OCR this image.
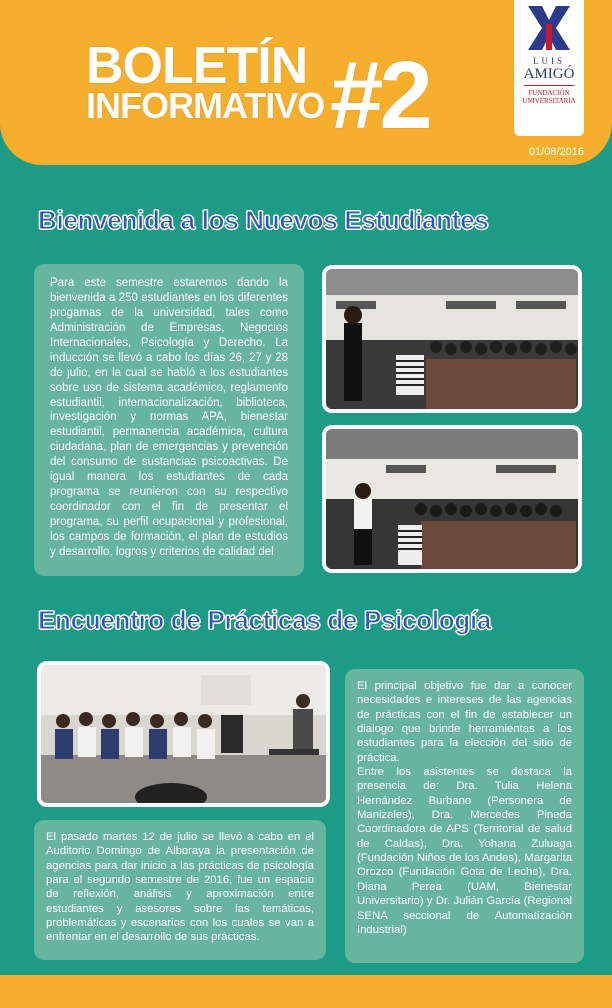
BOLETÍN
INFORMATIVO #2	LUIS
AMIGÓ
FUNDACIÓN
UNIVERSITARIA
01/08/2016
Bienvenida a los Nuevos Estudiantes

Para este semestre estaremos dando la bienvenida a 250 estudiantes en los diferentes progamas de la universidad, tales como Administración de Empresas, Negocios Internacionales, Psicología y Derecho. La inducción se llevó a cabo los días 26, 27 y 28 de julio, en la cual se habló a los estudiantes sobre uso de sistema académico, reglamento estudiantil, internacionalización, biblioteca, investigación y normas APA, bienestar estudiantil, permanencia académica, cultura ciudadana, plan de emergencias y prevención del consumo de sustancias psicoactivas. De igual manera los estudiantes de cada programa se reunieron con su respectivo coordinador con el fin de presentar el programa, su perfil ocupacional y profesional, los campos de formación, el plan de estudios y desarrollo, logros y criterios de calidad del

Encuentro de Prácticas de Psicología

El pasado martes 12 de julio se llevó a cabo en el Auditorio Domingo de Alboraya la presentación de agencias para dar inicio a las prácticas de psicología para el segundo semestre de 2016, fue un espacio de reflexión, análisis y aproximación entre estudiantes y asesores sobre las temáticas, problemáticas y escenarios con los cuales se van a enfrentar en el desarrollo de sus prácticas.

El principal objetivo fue dar a conocer necesidades e intereses de las agencias de prácticas con el fin de establecer un dialogo que brinde herramientas a los estudiantes para la elección del sitio de práctica.

Entre los asistentes se destaca la presencia de: Dra. Tulia Helena Hernández Burbano (Personera de Manizales), Dra. Mercedes Pineda Coordinadora de APS (Territorial de salud de Caldas), Dra. Yohana Zuluaga (Fundación Niños de los Andes), Margarita Orozco (Fundación Gota de Leche), Dra. Diana Perea (UAM, Bienestar Universitario) y Dr. Julián García (Regional SENA seccional de Automatización Industrial)
